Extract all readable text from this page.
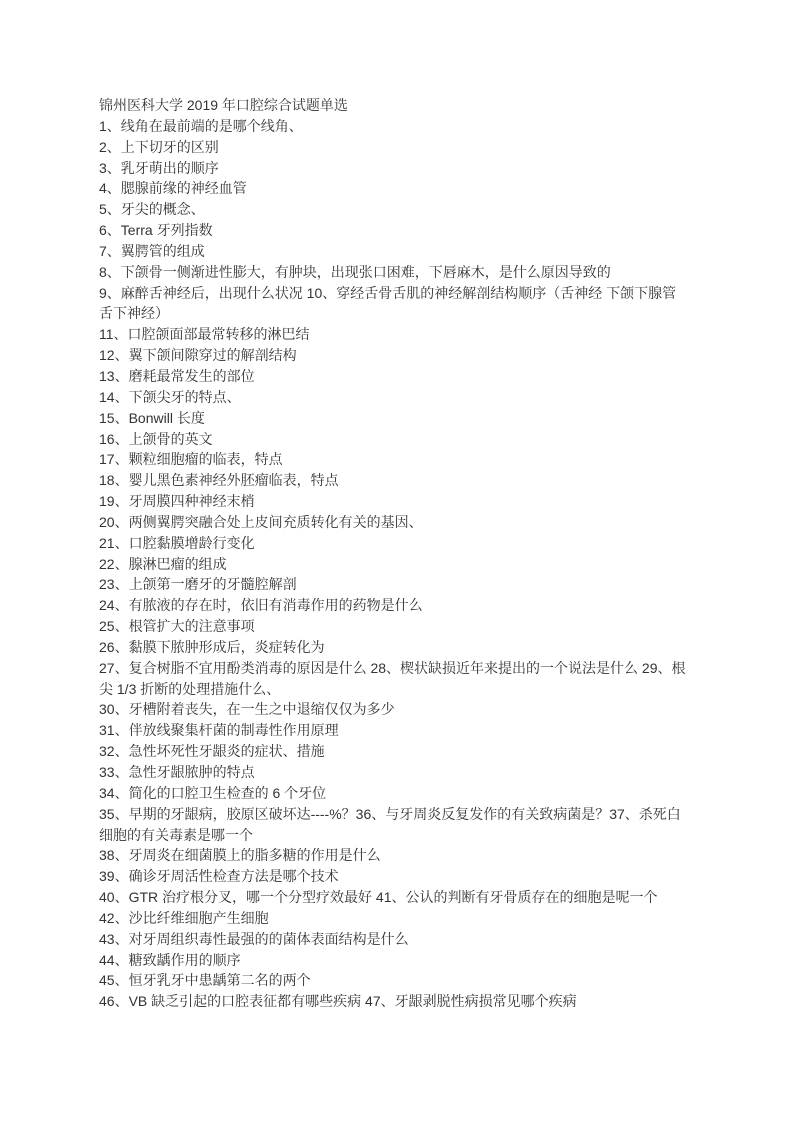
锦州医科大学 2019 年口腔综合试题单选

1、线角在最前端的是哪个线角、

2、上下切牙的区别

3、乳牙萌出的顺序

4、腮腺前缘的神经血管

5、牙尖的概念、

6、Terra 牙列指数

7、翼腭管的组成

8、下颌骨一侧渐进性膨大，有肿块，出现张口困难，下唇麻木，是什么原因导致的

9、麻醉舌神经后，出现什么状况 10、穿经舌骨舌肌的神经解剖结构顺序（舌神经 下颌下腺管 舌下神经）

11、口腔颌面部最常转移的淋巴结

12、翼下颌间隙穿过的解剖结构

13、磨耗最常发生的部位

14、下颌尖牙的特点、

15、Bonwill 长度

16、上颌骨的英文

17、颗粒细胞瘤的临表，特点

18、婴儿黑色素神经外胚瘤临表，特点

19、牙周膜四种神经末梢

20、两侧翼腭突融合处上皮间充质转化有关的基因、

21、口腔黏膜增龄行变化

22、腺淋巴瘤的组成

23、上颌第一磨牙的牙髓腔解剖

24、有脓液的存在时，依旧有消毒作用的药物是什么

25、根管扩大的注意事项

26、黏膜下脓肿形成后，炎症转化为

27、复合树脂不宜用酚类消毒的原因是什么 28、楔状缺损近年来提出的一个说法是什么 29、根尖 1/3 折断的处理措施什么、

30、牙槽附着丧失，在一生之中退缩仅仅为多少

31、伴放线聚集杆菌的制毒性作用原理

32、急性坏死性牙龈炎的症状、措施

33、急性牙龈脓肿的特点

34、简化的口腔卫生检查的 6 个牙位

35、早期的牙龈病，胶原区破坏达----%？36、与牙周炎反复发作的有关致病菌是？37、杀死白细胞的有关毒素是哪一个

38、牙周炎在细菌膜上的脂多糖的作用是什么

39、确诊牙周活性检查方法是哪个技术

40、GTR 治疗根分叉，哪一个分型疗效最好 41、公认的判断有牙骨质存在的细胞是呢一个

42、沙比纤维细胞产生细胞

43、对牙周组织毒性最强的的菌体表面结构是什么

44、糖致龋作用的顺序

45、恒牙乳牙中患龋第二名的两个

46、VB 缺乏引起的口腔表征都有哪些疾病 47、牙龈剥脱性病损常见哪个疾病
